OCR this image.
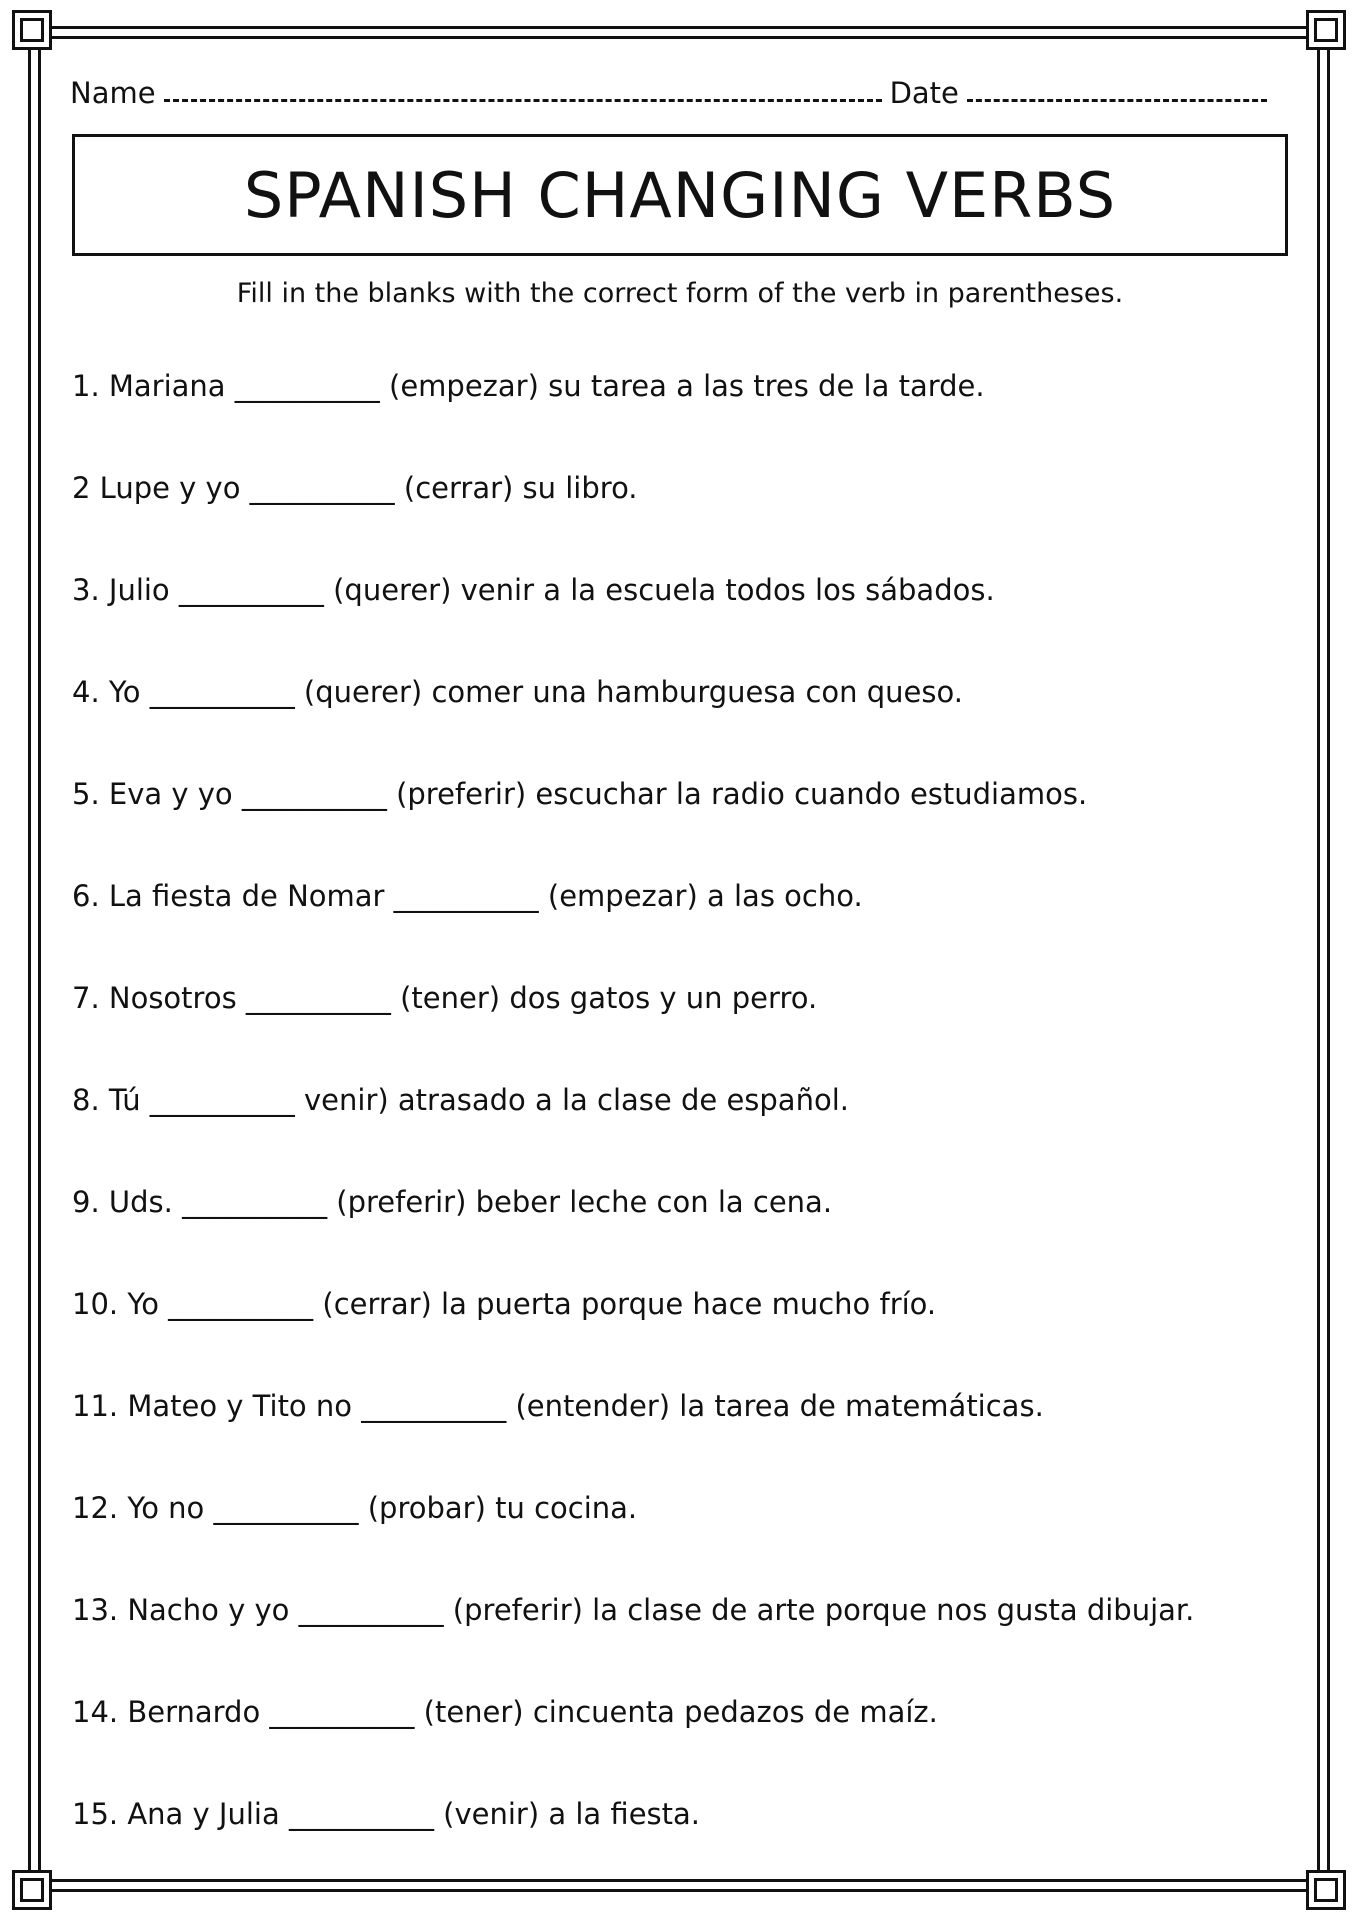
Name	Date
SPANISH CHANGING VERBS
Fill in the blanks with the correct form of the verb in parentheses.
1. Mariana __________ (empezar) su tarea a las tres de la tarde.
2 Lupe y yo __________ (cerrar) su libro.
3. Julio __________ (querer) venir a la escuela todos los sábados.
4. Yo __________ (querer) comer una hamburguesa con queso.
5. Eva y yo __________ (preferir) escuchar la radio cuando estudiamos.
6. La fiesta de Nomar __________ (empezar) a las ocho.
7. Nosotros __________ (tener) dos gatos y un perro.
8. Tú __________ venir) atrasado a la clase de español.
9. Uds. __________ (preferir) beber leche con la cena.
10. Yo __________ (cerrar) la puerta porque hace mucho frío.
11. Mateo y Tito no __________ (entender) la tarea de matemáticas.
12. Yo no __________ (probar) tu cocina.
13. Nacho y yo __________ (preferir) la clase de arte porque nos gusta dibujar.
14. Bernardo __________ (tener) cincuenta pedazos de maíz.
15. Ana y Julia __________ (venir) a la fiesta.
